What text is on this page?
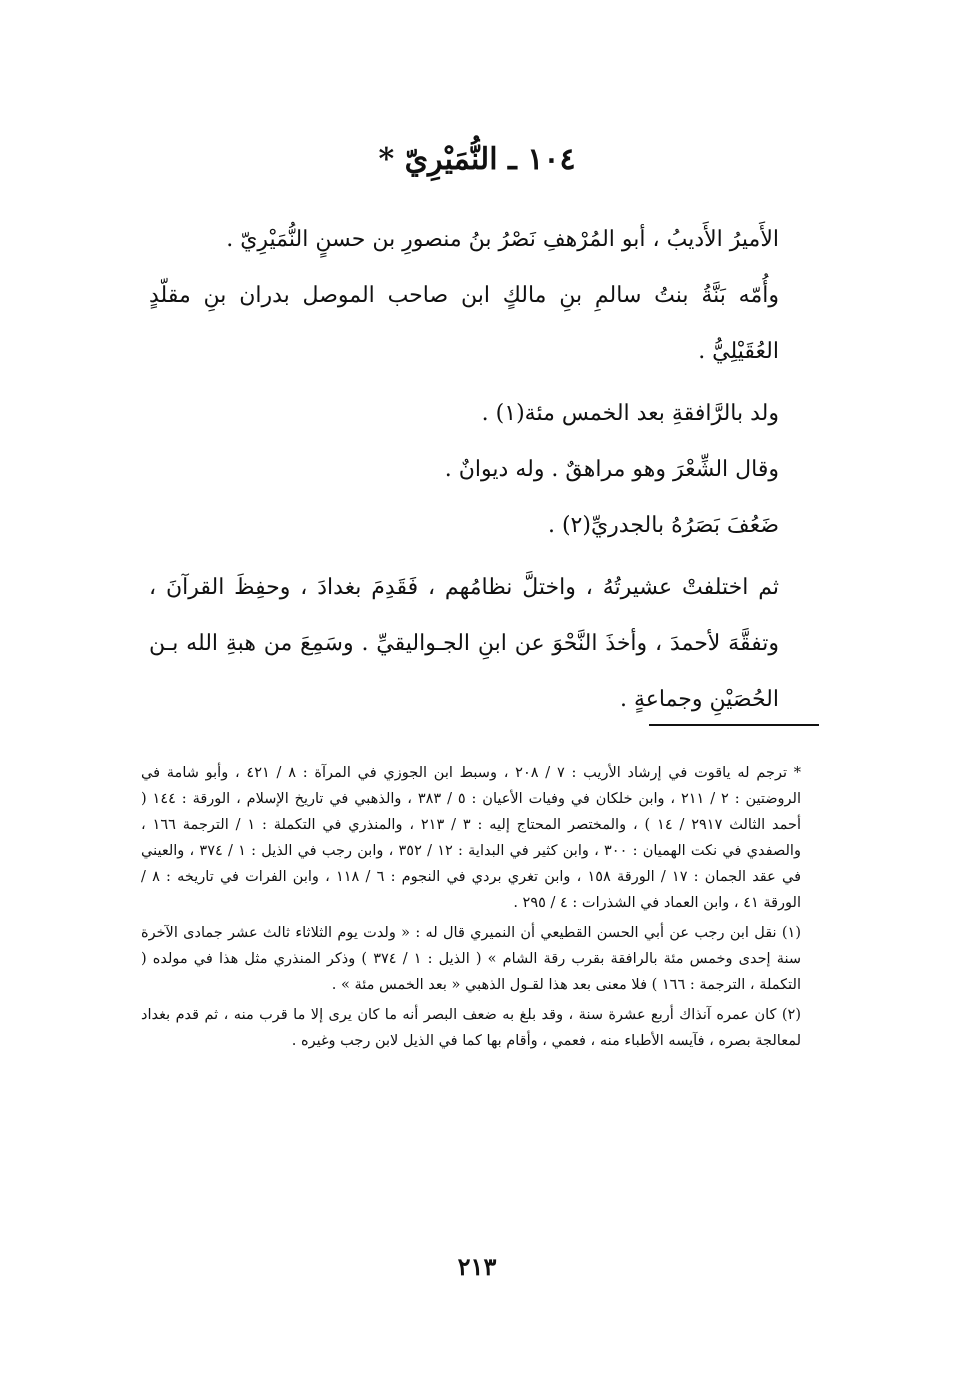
١٠٤ ـ النُّمَيْرِيّ *

الأَميرُ الأَديبُ ، أبو المُرْهفِ نَصْرُ بنُ منصورِ بن حسنٍ النُّمَيْرِيّ .

وأُمّه بَنَّةُ بنتُ سالمِ بنِ مالكٍ ابن صاحب الموصل بدران بنِ مقلّدٍ العُقَيْلِيُّ .

ولد بالرَّافقةِ بعد الخمس مئة(١) .

وقال الشِّعْرَ وهو مراهقٌ . وله ديوانٌ .

ضَعُفَ بَصَرُهُ بالجدريِّ(٢) .

ثم اختلفتْ عشيرتُهُ ، واختلَّ نظامُهم ، فَقَدِمَ بغدادَ ، وحفِظَ القرآنَ ، وتفقَّهَ لأحمدَ ، وأخذَ النَّحْوَ عن ابنِ الجـواليقيِّ . وسَمِعَ من هبةِ الله بـن الحُصَيْنِ وجماعةٍ .

* ترجم له ياقوت في إرشاد الأريب : ٧ / ٢٠٨ ، وسبط ابن الجوزي في المرآة : ٨ / ٤٢١ ، وأبو شامة في الروضتين : ٢ / ٢١١ ، وابن خلكان في وفيات الأعيان : ٥ / ٣٨٣ ، والذهبي في تاريخ الإسلام ، الورقة : ١٤٤ ( أحمد الثالث ٢٩١٧ / ١٤ ) ، والمختصر المحتاج إليه : ٣ / ٢١٣ ، والمنذري في التكملة : ١ / الترجمة ١٦٦ ، والصفدي في نكت الهميان : ٣٠٠ ، وابن كثير في البداية : ١٢ / ٣٥٢ ، وابن رجب في الذيل : ١ / ٣٧٤ ، والعيني في عقد الجمان : ١٧ / الورقة ١٥٨ ، وابن تغري بردي في النجوم : ٦ / ١١٨ ، وابن الفرات في تاريخه : ٨ / الورقة ٤١ ، وابن العماد في الشذرات : ٤ / ٢٩٥ .

(١) نقل ابن رجب عن أبي الحسن القطيعي أن النميري قال له : « ولدت يوم الثلاثاء ثالث عشر جمادى الآخرة سنة إحدى وخمس مئة بالرافقة بقرب رقة الشام » ( الذيل : ١ / ٣٧٤ ) وذكر المنذري مثل هذا في مولده ( التكملة ، الترجمة : ١٦٦ ) فلا معنى بعد هذا لقـول الذهبي « بعد الخمس مئة » .

(٢) كان عمره آنذاك أربع عشرة سنة ، وقد بلغ به ضعف البصر أنه ما كان يرى إلا ما قرب منه ، ثم قدم بغداد لمعالجة بصره ، فآيسه الأطباء منه ، فعمي ، وأقام بها كما في الذيل لابن رجب وغيره .

٢١٣
